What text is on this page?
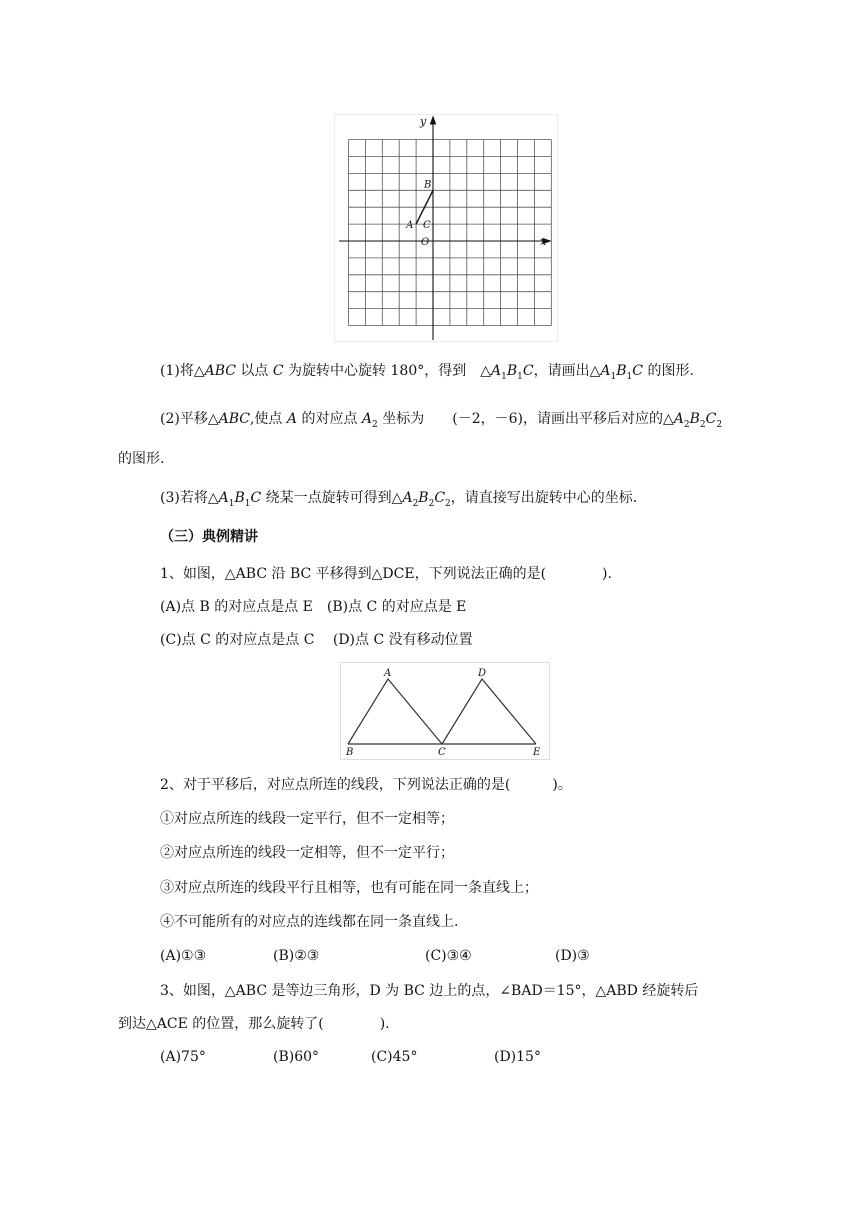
x
y
O
A
B
C
(1)将△ABC 以点 C 为旋转中心旋转 180°，得到　$\triangle A_1B_1C$，请画出$\triangle A_1B_1C$ 的图形.
(2)平移△ABC,使点 A 的对应点 $A_2$ 坐标为　　(－2，－6)，请画出平移后对应的$\triangle A_2B_2C_2$
的图形.
(3)若将$\triangle A_1B_1C$ 绕某一点旋转可得到$\triangle A_2B_2C_2$，请直接写出旋转中心的坐标.
（三）典例精讲
1、如图，△ABC 沿 BC 平移得到△DCE，下列说法正确的是(　　　　).
(A)点 B 的对应点是点 E　(B)点 C 的对应点是 E
(C)点 C 的对应点是点 C　 (D)点 C 没有移动位置
A	D
B	C	E
2、对于平移后，对应点所连的线段，下列说法正确的是(　　　)。
①对应点所连的线段一定平行，但不一定相等；
②对应点所连的线段一定相等，但不一定平行；
③对应点所连的线段平行且相等，也有可能在同一条直线上；
④不可能所有的对应点的连线都在同一条直线上.
(A)①③	(B)②③	(C)③④	(D)③
3、如图，△ABC 是等边三角形，D 为 BC 边上的点，∠BAD＝15°，△ABD 经旋转后
到达△ACE 的位置，那么旋转了(　　　　).
(A)75°	(B)60°	(C)45°	(D)15°
